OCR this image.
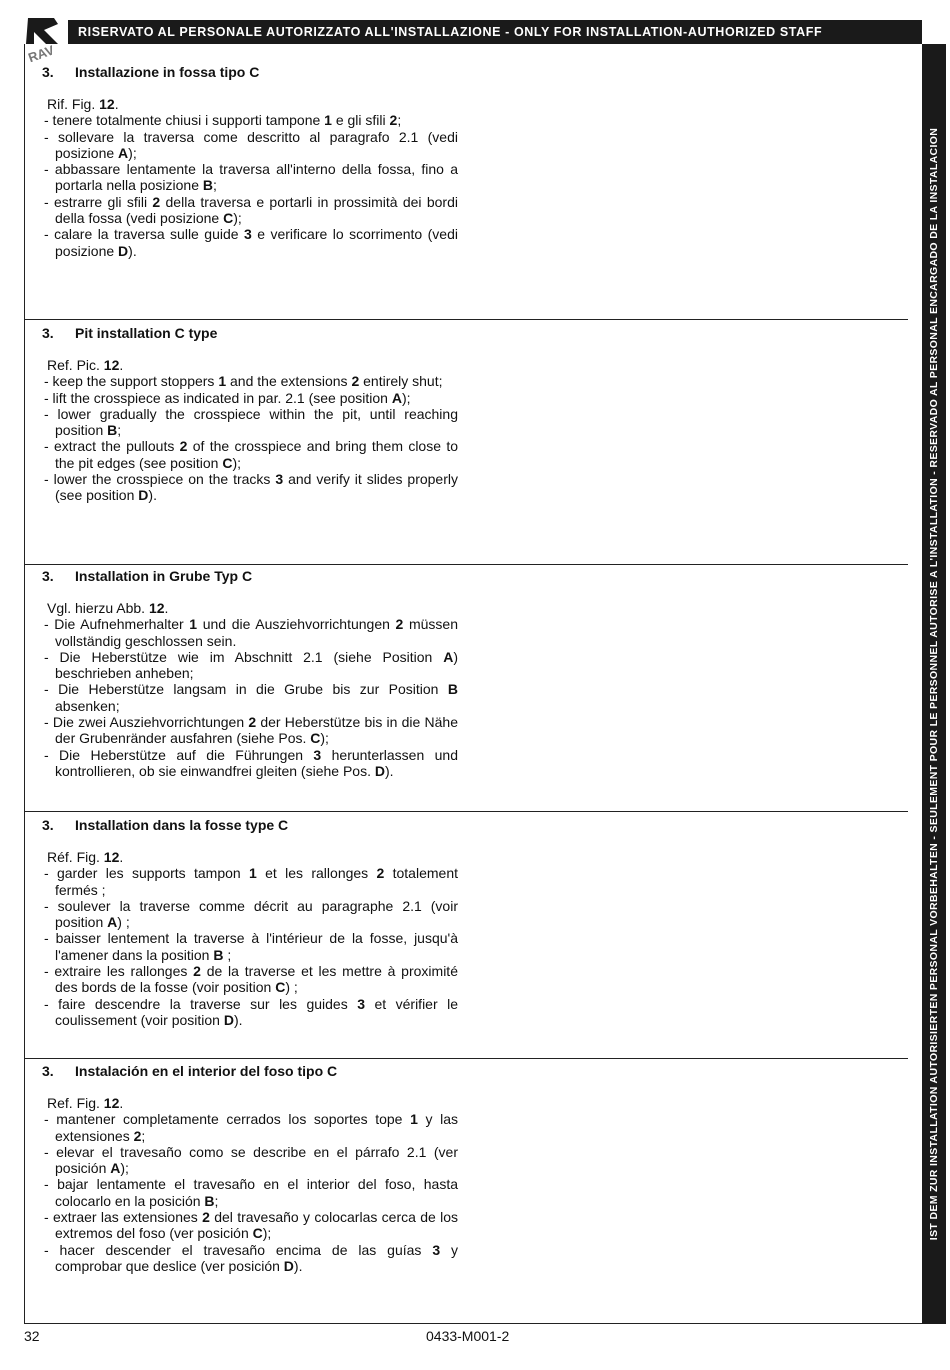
RAV
RISERVATO AL PERSONALE AUTORIZZATO ALL'INSTALLAZIONE - ONLY FOR INSTALLATION-AUTHORIZED STAFF
IST DEM ZUR INSTALLATION AUTORISIERTEN PERSONAL VORBEHALTEN - SEULEMENT POUR LE PERSONNEL AUTORISE A L'INSTALLATION - RESERVADO AL PERSONAL ENCARGADO DE LA INSTALACION
3. Installazione in fossa tipo C
Rif. Fig. 12.
- tenere totalmente chiusi i supporti tampone 1 e gli sfili 2;
- sollevare la traversa come descritto al paragrafo 2.1 (vedi posizione A);
- abbassare lentamente la traversa all'interno della fossa, fino a portarla nella posizione B;
- estrarre gli sfili 2 della traversa e portarli in prossimità dei bordi della fossa (vedi posizione C);
- calare la traversa sulle guide 3 e verificare lo scorrimento (vedi posizione D).
3. Pit installation C type
Ref. Pic. 12.
- keep the support stoppers 1 and the extensions 2 entirely shut;
- lift the crosspiece as indicated in par. 2.1 (see position A);
- lower gradually the crosspiece within the pit, until reaching position B;
- extract the pullouts 2 of the crosspiece and bring them close to the pit edges (see position C);
- lower the crosspiece on the tracks 3 and verify it slides properly (see position D).
3. Installation in Grube Typ C
Vgl. hierzu Abb. 12.
- Die Aufnehmerhalter 1 und die Ausziehvorrichtungen 2 müssen vollständig geschlossen sein.
- Die Heberstütze wie im Abschnitt 2.1 (siehe Position A) beschrieben anheben;
- Die Heberstütze langsam in die Grube bis zur Position B absenken;
- Die zwei Ausziehvorrichtungen 2 der Heberstütze bis in die Nähe der Grubenränder ausfahren (siehe Pos. C);
- Die Heberstütze auf die Führungen 3 herunterlassen und kontrollieren, ob sie einwandfrei gleiten (siehe Pos. D).
3. Installation dans la fosse type C
Réf. Fig. 12.
- garder les supports tampon 1 et les rallonges 2 totalement fermés ;
- soulever la traverse comme décrit au paragraphe 2.1 (voir position A) ;
- baisser lentement la traverse à l'intérieur de la fosse, jusqu'à l'amener dans la position B ;
- extraire les rallonges 2 de la traverse et les mettre à proximité des bords de la fosse (voir position C) ;
- faire descendre la traverse sur les guides 3 et vérifier le coulissement (voir position D).
3. Instalación en el interior del foso tipo C
Ref. Fig. 12.
- mantener completamente cerrados los soportes tope 1 y las extensiones 2;
- elevar el travesaño como se describe en el párrafo 2.1 (ver posición A);
- bajar lentamente el travesaño en el interior del foso, hasta colocarlo en la posición B;
- extraer las extensiones 2 del travesaño y colocarlas cerca de los extremos del foso (ver posición C);
- hacer descender el travesaño encima de las guías 3 y comprobar que deslice (ver posición D).
32	0433-M001-2
